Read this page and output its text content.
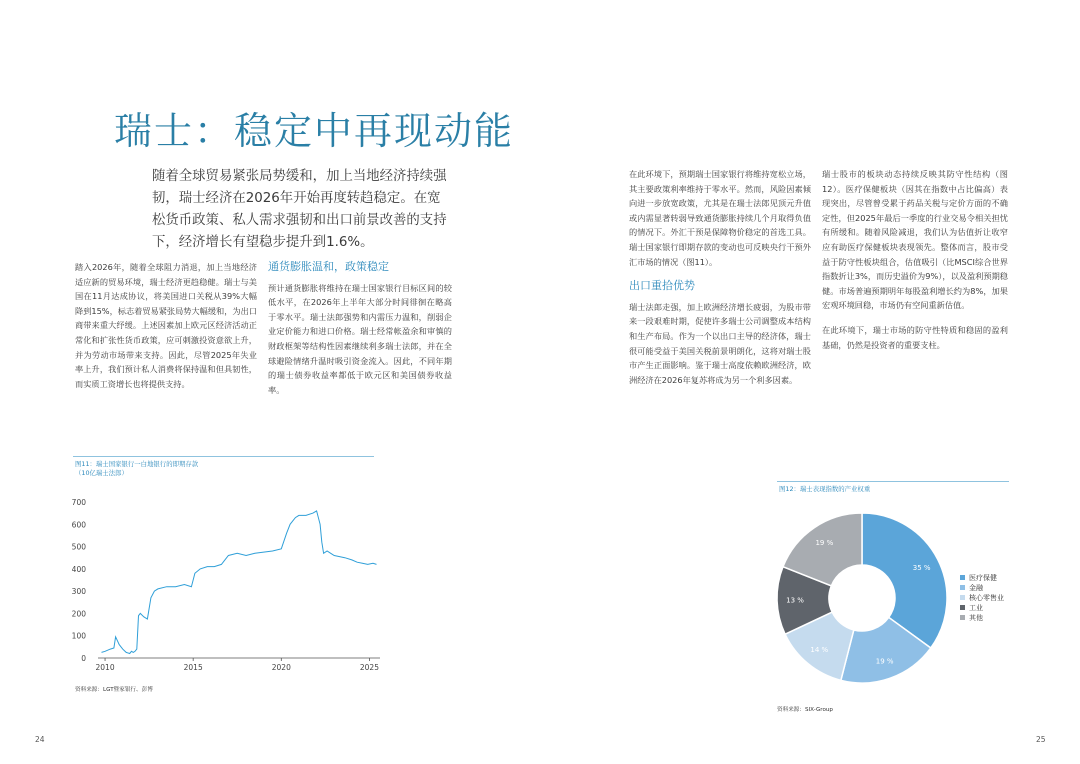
瑞士：稳定中再现动能
随着全球贸易紧张局势缓和，加上当地经济持续强韧，瑞士经济在2026年开始再度转趋稳定。在宽松货币政策、私人需求强韧和出口前景改善的支持下，经济增长有望稳步提升到1.6%。

踏入2026年，随着全球阻力消退，加上当地经济适应新的贸易环境，瑞士经济更趋稳健。瑞士与美国在11月达成协议，将美国进口关税从39%大幅降到15%，标志着贸易紧张局势大幅缓和，为出口商带来重大纾缓。上述因素加上欧元区经济活动正常化和扩张性货币政策，应可刺激投资意欲上升，并为劳动市场带来支持。因此，尽管2025年失业率上升，我们预计私人消费将保持温和但具韧性，而实质工资增长也将提供支持。

通货膨胀温和，政策稳定

预计通货膨胀将维持在瑞士国家银行目标区间的较低水平，在2026年上半年大部分时间徘徊在略高于零水平。瑞士法郎强势和内需压力温和，削弱企业定价能力和进口价格。瑞士经常帐盈余和审慎的财政框架等结构性因素继续利多瑞士法郎，并在全球避险情绪升温时吸引资金流入。因此，不同年期的瑞士债券收益率都低于欧元区和美国债券收益率。

在此环境下，预期瑞士国家银行将维持宽松立场，其主要政策利率维持于零水平。然而，风险因素倾向进一步放宽政策，尤其是在瑞士法郎见顶元升值或内需显著转弱导致通货膨胀持续几个月取得负值的情况下。外汇干预是保障物价稳定的首选工具。瑞士国家银行即期存款的变动也可反映央行干预外汇市场的情况（图11）。

出口重拾优势

瑞士法郎走强，加上欧洲经济增长疲弱，为股市带来一段艰难时期，促使许多瑞士公司调整成本结构和生产布局。作为一个以出口主导的经济体，瑞士很可能受益于美国关税前景明朗化，这将对瑞士股市产生正面影响。鉴于瑞士高度依赖欧洲经济，欧洲经济在2026年复苏将成为另一个利多因素。

瑞士股市的板块动态持续反映其防守性结构（图12）。医疗保健板块（因其在指数中占比偏高）表现突出，尽管曾受累于药品关税与定价方面的不确定性，但2025年最后一季度的行业交易令相关担忧有所缓和。随着风险减退，我们认为估值折让收窄应有助医疗保健板块表现领先。整体而言，股市受益于防守性板块组合，估值吸引（比MSCI综合世界指数折让3%，而历史溢价为9%），以及盈利预期稳健。市场普遍预期明年每股盈利增长约为8%，加果宏观环境回稳，市场仍有空间重新估值。

在此环境下，瑞士市场的防守性特质和稳固的盈利基础，仍然是投资者的重要支柱。

图11：瑞士国家银行一白地银行的即期存款
（10亿瑞士法郎）
0
100
200
300
400
500
600
700
2010	2015	2020	2025
资料来源：LGT暨家银行、彭博
图12：瑞士表现指数的产业权重
35 %
19 %
14 %
13 %
19 %
医疗保健
金融
核心零售业
工业
其他
资料来源：SIX-Group
24	25
